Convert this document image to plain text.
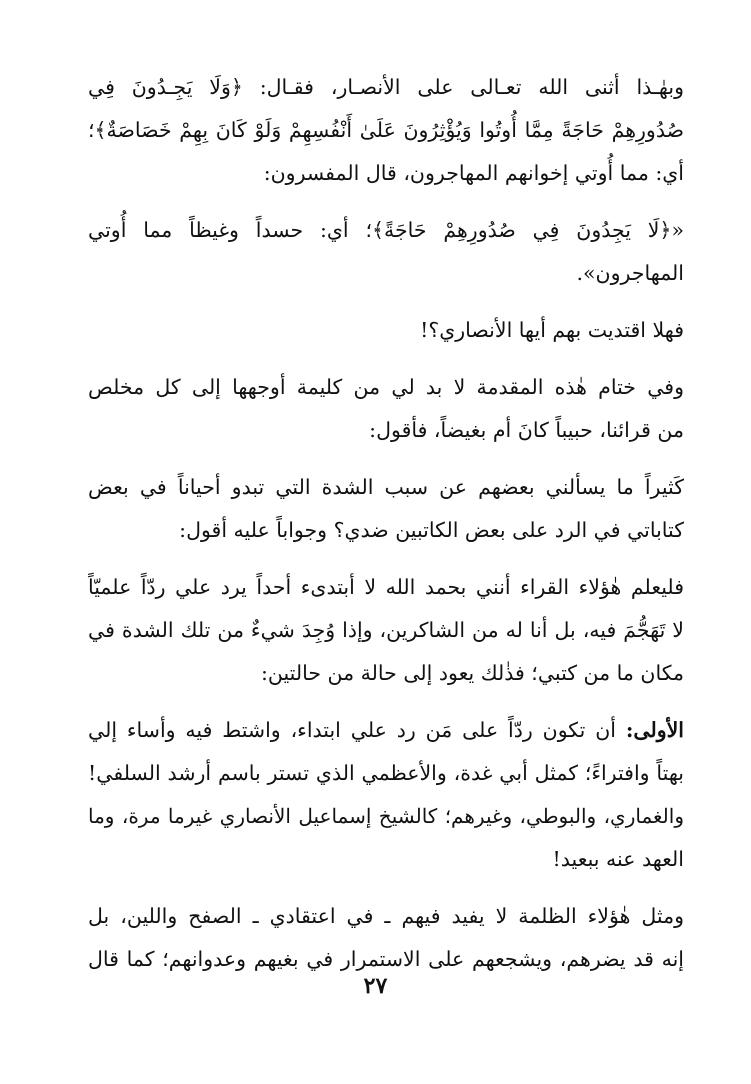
وبهٰـذا أثنى الله تعـالى على الأنصـار، فقـال: ﴿وَلَا يَجِـدُونَ فِي
صُدُورِهِمْ حَاجَةً مِمَّا أُوتُوا وَيُؤْثِرُونَ عَلَىٰ أَنْفُسِهِمْ وَلَوْ كَانَ بِهِمْ خَصَاصَةٌ﴾؛
أي: مما أُوتي إخوانهم المهاجرون، قال المفسرون:
«﴿لَا يَجِدُونَ فِي صُدُورِهِمْ حَاجَةً﴾؛ أي: حسداً وغيظاً مما أُوتي
المهاجرون».
فهلا اقتديت بهم أيها الأنصاري؟!
وفي ختام هٰذه المقدمة لا بد لي من كليمة أوجهها إلى كل مخلص
من قرائنا، حبيباً كانَ أم بغيضاً، فأقول:
كَثيراً ما يسألني بعضهم عن سبب الشدة التي تبدو أحياناً في بعض
كتاباتي في الرد على بعض الكاتبين ضدي؟ وجواباً عليه أقول:
فليعلم هٰؤلاء القراء أنني بحمد الله لا أبتدىء أحداً يرد علي ردّاً علميّاً
لا تَهَجُّمَ فيه، بل أنا له من الشاكرين، وإذا وُجِدَ شيءٌ من تلك الشدة في
مكان ما من كتبي؛ فذٰلك يعود إلى حالة من حالتين:
الأولى: أن تكون ردّاً على مَن رد علي ابتداء، واشتط فيه وأساء إلي
بهتاً وافتراءً؛ كمثل أبي غدة، والأعظمي الذي تستر باسم أرشد السلفي!
والغماري، والبوطي، وغيرهم؛ كالشيخ إسماعيل الأنصاري غيرما مرة، وما
العهد عنه ببعيد!
ومثل هٰؤلاء الظلمة لا يفيد فيهم ـ في اعتقادي ـ الصفح واللين، بل
إنه قد يضرهم، ويشجعهم على الاستمرار في بغيهم وعدوانهم؛ كما قال
٢٧
